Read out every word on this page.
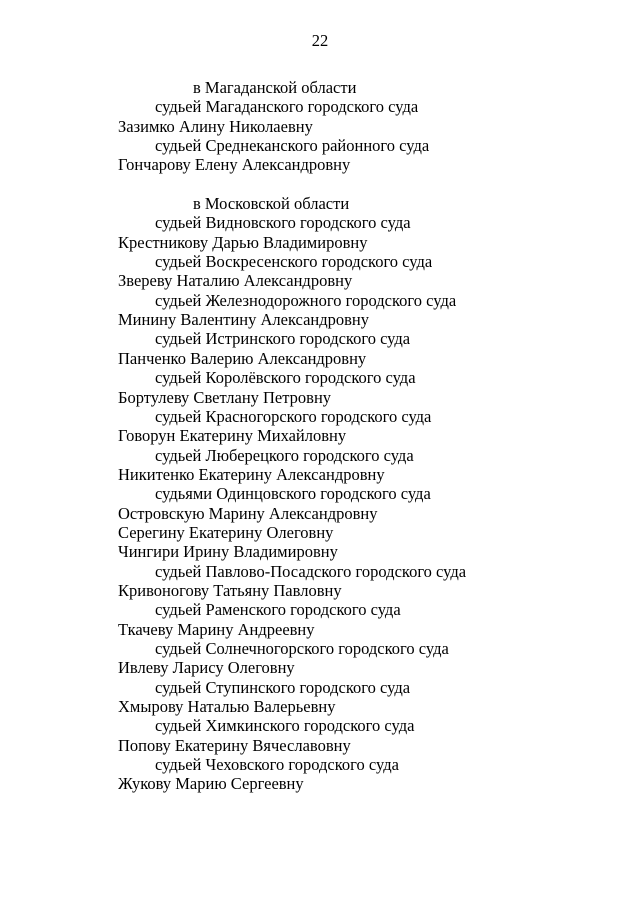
22
в Магаданской области
судьей Магаданского городского суда
Зазимко Алину Николаевну
судьей Среднеканского районного суда
Гончарову Елену Александровну
в Московской области
судьей Видновского городского суда
Крестникову Дарью Владимировну
судьей Воскресенского городского суда
Звереву Наталию Александровну
судьей Железнодорожного городского суда
Минину Валентину Александровну
судьей Истринского городского суда
Панченко Валерию Александровну
судьей Королёвского городского суда
Бортулеву Светлану Петровну
судьей Красногорского городского суда
Говорун Екатерину Михайловну
судьей Люберецкого городского суда
Никитенко Екатерину Александровну
судьями Одинцовского городского суда
Островскую Марину Александровну
Серегину Екатерину Олеговну
Чингири Ирину Владимировну
судьей Павлово-Посадского городского суда
Кривоногову Татьяну Павловну
судьей Раменского городского суда
Ткачеву Марину Андреевну
судьей Солнечногорского городского суда
Ивлеву Ларису Олеговну
судьей Ступинского городского суда
Хмырову Наталью Валерьевну
судьей Химкинского городского суда
Попову Екатерину Вячеславовну
судьей Чеховского городского суда
Жукову Марию Сергеевну
